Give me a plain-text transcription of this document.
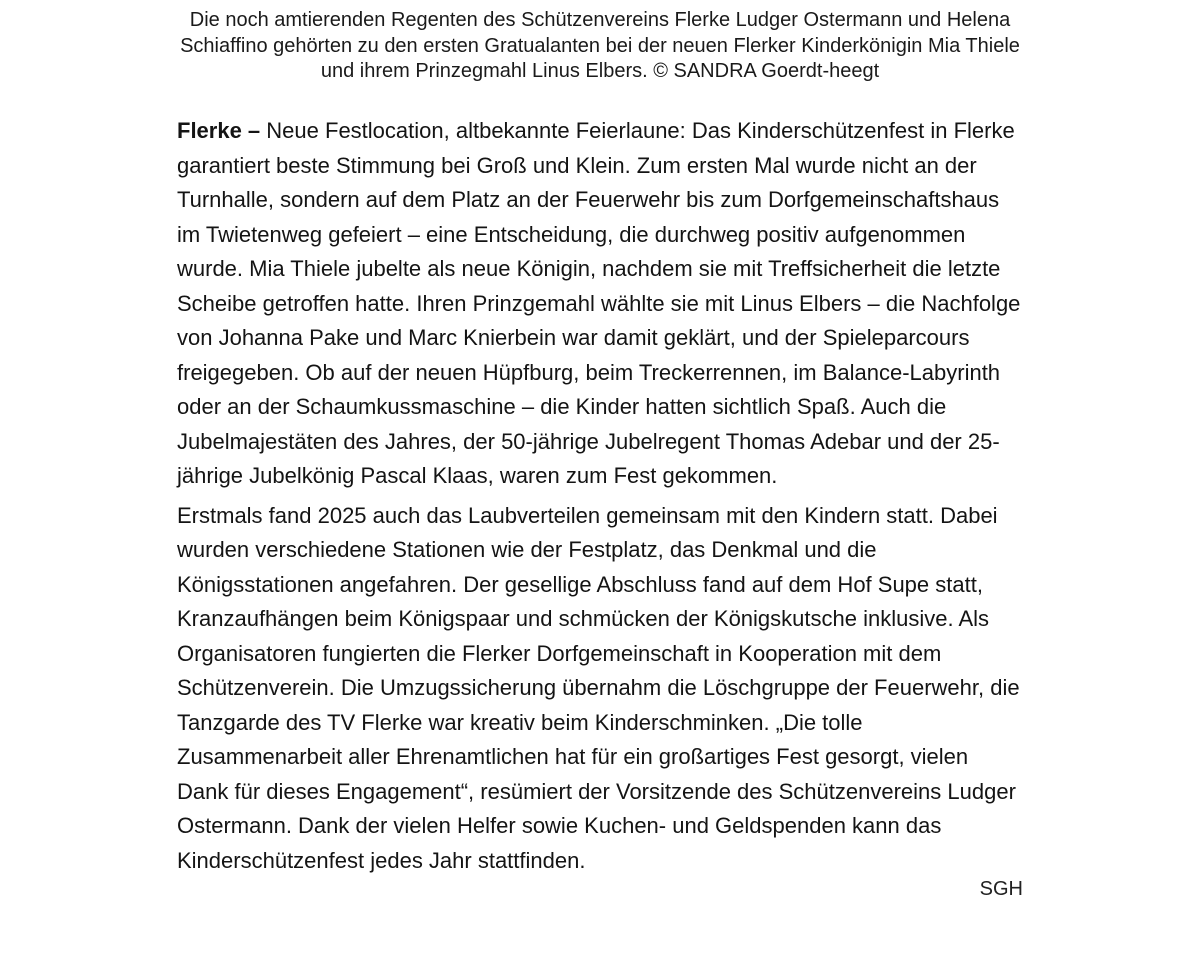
Die noch amtierenden Regenten des Schützenvereins Flerke Ludger Ostermann und Helena Schiaffino gehörten zu den ersten Gratualanten bei der neuen Flerker Kinderkönigin Mia Thiele und ihrem Prinzegmahl Linus Elbers. © SANDRA Goerdt-heegt

Flerke – Neue Festlocation, altbekannte Feierlaune: Das Kinderschützenfest in Flerke garantiert beste Stimmung bei Groß und Klein. Zum ersten Mal wurde nicht an der Turnhalle, sondern auf dem Platz an der Feuerwehr bis zum Dorfgemeinschaftshaus im Twietenweg gefeiert – eine Entscheidung, die durchweg positiv aufgenommen wurde. Mia Thiele jubelte als neue Königin, nachdem sie mit Treffsicherheit die letzte Scheibe getroffen hatte. Ihren Prinzgemahl wählte sie mit Linus Elbers – die Nachfolge von Johanna Pake und Marc Knierbein war damit geklärt, und der Spieleparcours freigegeben. Ob auf der neuen Hüpfburg, beim Treckerrennen, im Balance-Labyrinth oder an der Schaumkussmaschine – die Kinder hatten sichtlich Spaß. Auch die Jubelmajestäten des Jahres, der 50-jährige Jubelregent Thomas Adebar und der 25-jährige Jubelkönig Pascal Klaas, waren zum Fest gekommen.

Erstmals fand 2025 auch das Laubverteilen gemeinsam mit den Kindern statt. Dabei wurden verschiedene Stationen wie der Festplatz, das Denkmal und die Königsstationen angefahren. Der gesellige Abschluss fand auf dem Hof Supe statt, Kranzaufhängen beim Königspaar und schmücken der Königskutsche inklusive. Als Organisatoren fungierten die Flerker Dorfgemeinschaft in Kooperation mit dem Schützenverein. Die Umzugssicherung übernahm die Löschgruppe der Feuerwehr, die Tanzgarde des TV Flerke war kreativ beim Kinderschminken. „Die tolle Zusammenarbeit aller Ehrenamtlichen hat für ein großartiges Fest gesorgt, vielen Dank für dieses Engagement“, resümiert der Vorsitzende des Schützenvereins Ludger Ostermann. Dank der vielen Helfer sowie Kuchen- und Geldspenden kann das Kinderschützenfest jedes Jahr stattfinden.

SGH
